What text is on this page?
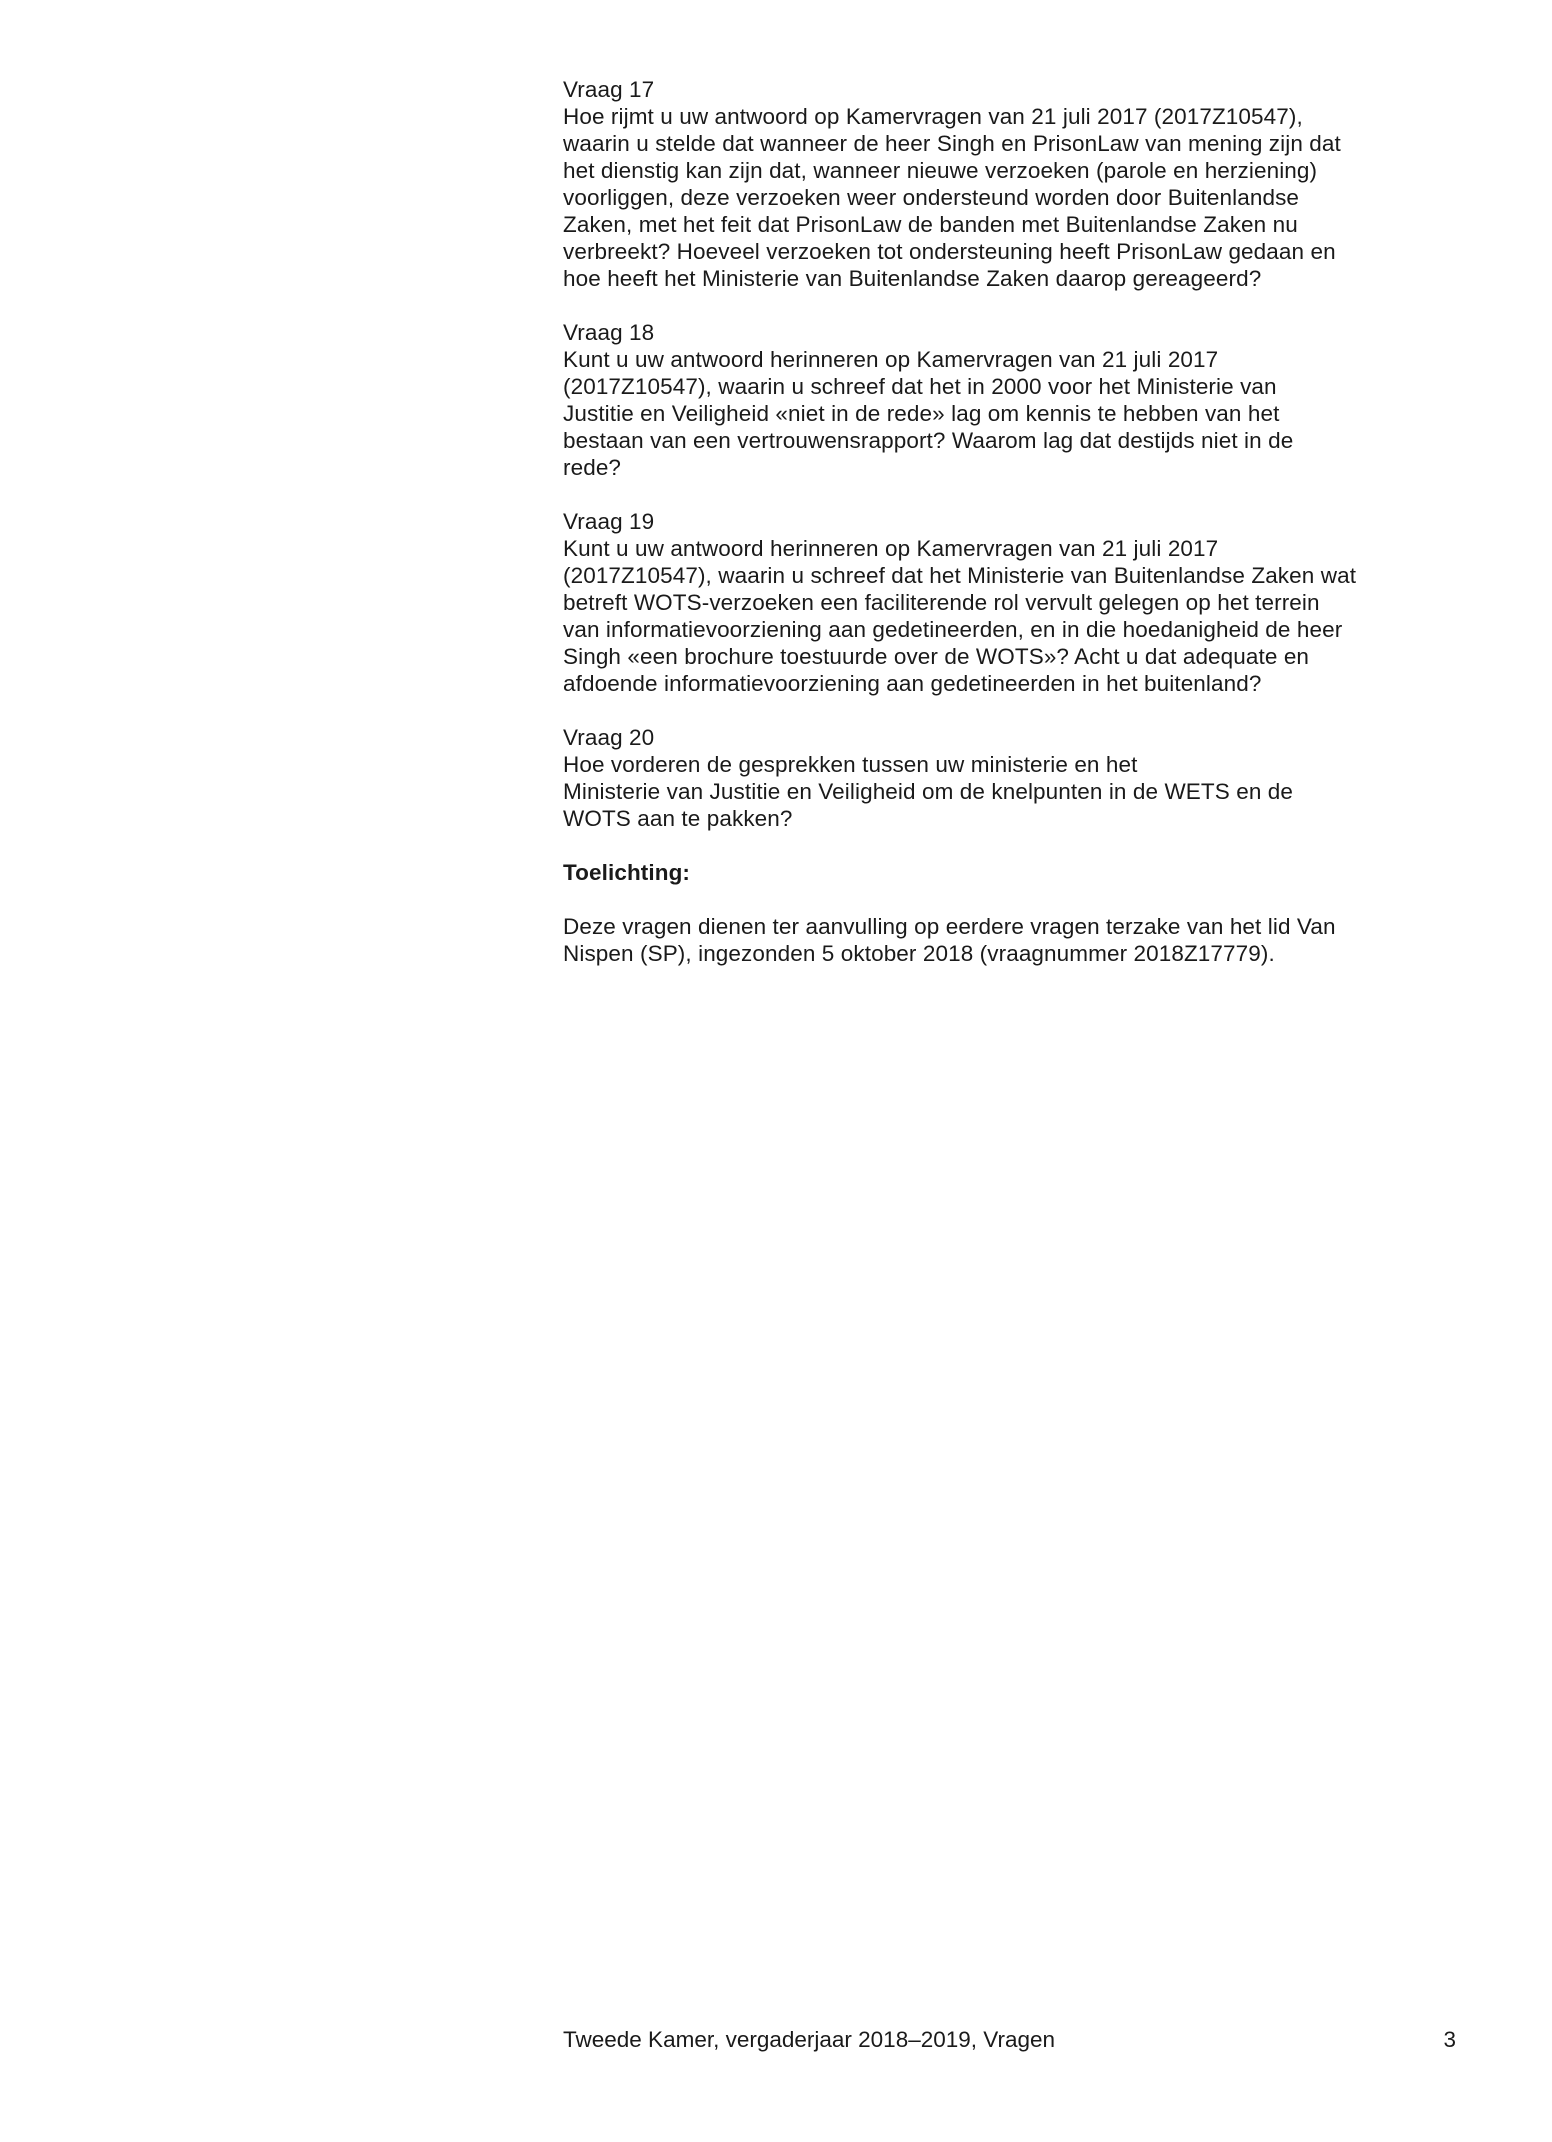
Vraag 17
Hoe rijmt u uw antwoord op Kamervragen van 21 juli 2017 (2017Z10547),
waarin u stelde dat wanneer de heer Singh en PrisonLaw van mening zijn dat
het dienstig kan zijn dat, wanneer nieuwe verzoeken (parole en herziening)
voorliggen, deze verzoeken weer ondersteund worden door Buitenlandse
Zaken, met het feit dat PrisonLaw de banden met Buitenlandse Zaken nu
verbreekt? Hoeveel verzoeken tot ondersteuning heeft PrisonLaw gedaan en
hoe heeft het Ministerie van Buitenlandse Zaken daarop gereageerd?
Vraag 18
Kunt u uw antwoord herinneren op Kamervragen van 21 juli 2017
(2017Z10547), waarin u schreef dat het in 2000 voor het Ministerie van
Justitie en Veiligheid «niet in de rede» lag om kennis te hebben van het
bestaan van een vertrouwensrapport? Waarom lag dat destijds niet in de
rede?
Vraag 19
Kunt u uw antwoord herinneren op Kamervragen van 21 juli 2017
(2017Z10547), waarin u schreef dat het Ministerie van Buitenlandse Zaken wat
betreft WOTS-verzoeken een faciliterende rol vervult gelegen op het terrein
van informatievoorziening aan gedetineerden, en in die hoedanigheid de heer
Singh «een brochure toestuurde over de WOTS»? Acht u dat adequate en
afdoende informatievoorziening aan gedetineerden in het buitenland?
Vraag 20
Hoe vorderen de gesprekken tussen uw ministerie en het
Ministerie van Justitie en Veiligheid om de knelpunten in de WETS en de
WOTS aan te pakken?
Toelichting:

Deze vragen dienen ter aanvulling op eerdere vragen terzake van het lid Van
Nispen (SP), ingezonden 5 oktober 2018 (vraagnummer 2018Z17779).

Tweede Kamer, vergaderjaar 2018–2019, Vragen	3
